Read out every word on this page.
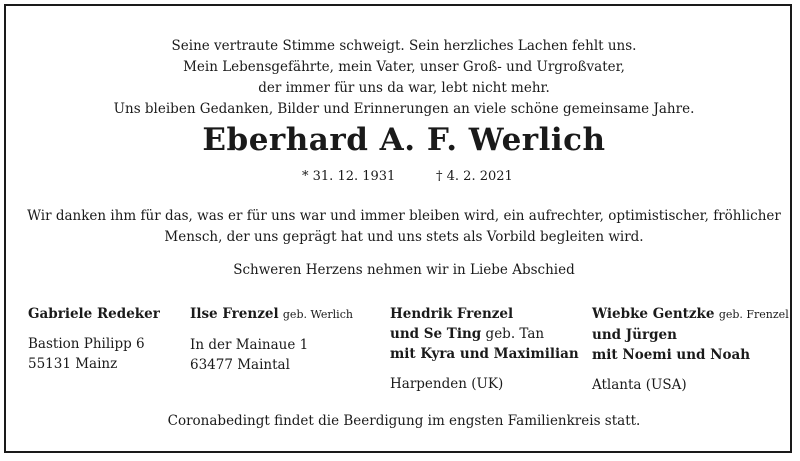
Seine vertraute Stimme schweigt. Sein herzliches Lachen fehlt uns.
Mein Lebensgefährte, mein Vater, unser Groß- und Urgroßvater,
der immer für uns da war, lebt nicht mehr.
Uns bleiben Gedanken, Bilder und Erinnerungen an viele schöne gemeinsame Jahre.
Eberhard A. F. Werlich
* 31. 12. 1931	† 4. 2. 2021
Wir danken ihm für das, was er für uns war und immer bleiben wird, ein aufrechter, optimistischer, fröhlicher
Mensch, der uns geprägt hat und uns stets als Vorbild begleiten wird.
Schweren Herzens nehmen wir in Liebe Abschied
Gabriele Redeker
Bastion Philipp 6
55131 Mainz
Ilse Frenzel geb. Werlich
In der Mainaue 1
63477 Maintal
Hendrik Frenzel
und Se Ting geb. Tan
mit Kyra und Maximilian
Harpenden (UK)
Wiebke Gentzke geb. Frenzel
und Jürgen
mit Noemi und Noah
Atlanta (USA)
Coronabedingt findet die Beerdigung im engsten Familienkreis statt.
